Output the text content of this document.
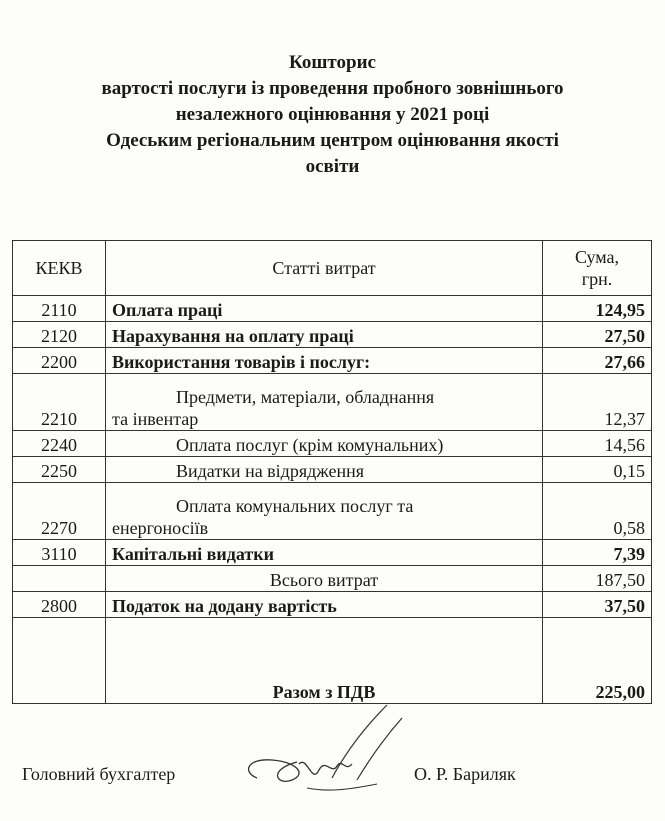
Кошторис
вартості послуги із проведення пробного зовнішнього
незалежного оцінювання у 2021 році
Одеським регіональним центром оцінювання якості
освіти
КЕКВ	Статті витрат	Сума,
грн.
2110	Оплата праці	124,95
2120	Нарахування на оплату праці	27,50
2200	Використання товарів і послуг:	27,66
2210	Предмети, матеріали, обладнання
та інвентар	12,37
2240	Оплата послуг (крім комунальних)	14,56
2250	Видатки на відрядження	0,15
2270	Оплата комунальних послуг та
енергоносіїв	0,58
3110	Капітальні видатки	7,39
	Всього витрат	187,50
2800	Податок на додану вартість	37,50
	Разом з ПДВ	225,00
Головний бухгалтер	О. Р. Бариляк
